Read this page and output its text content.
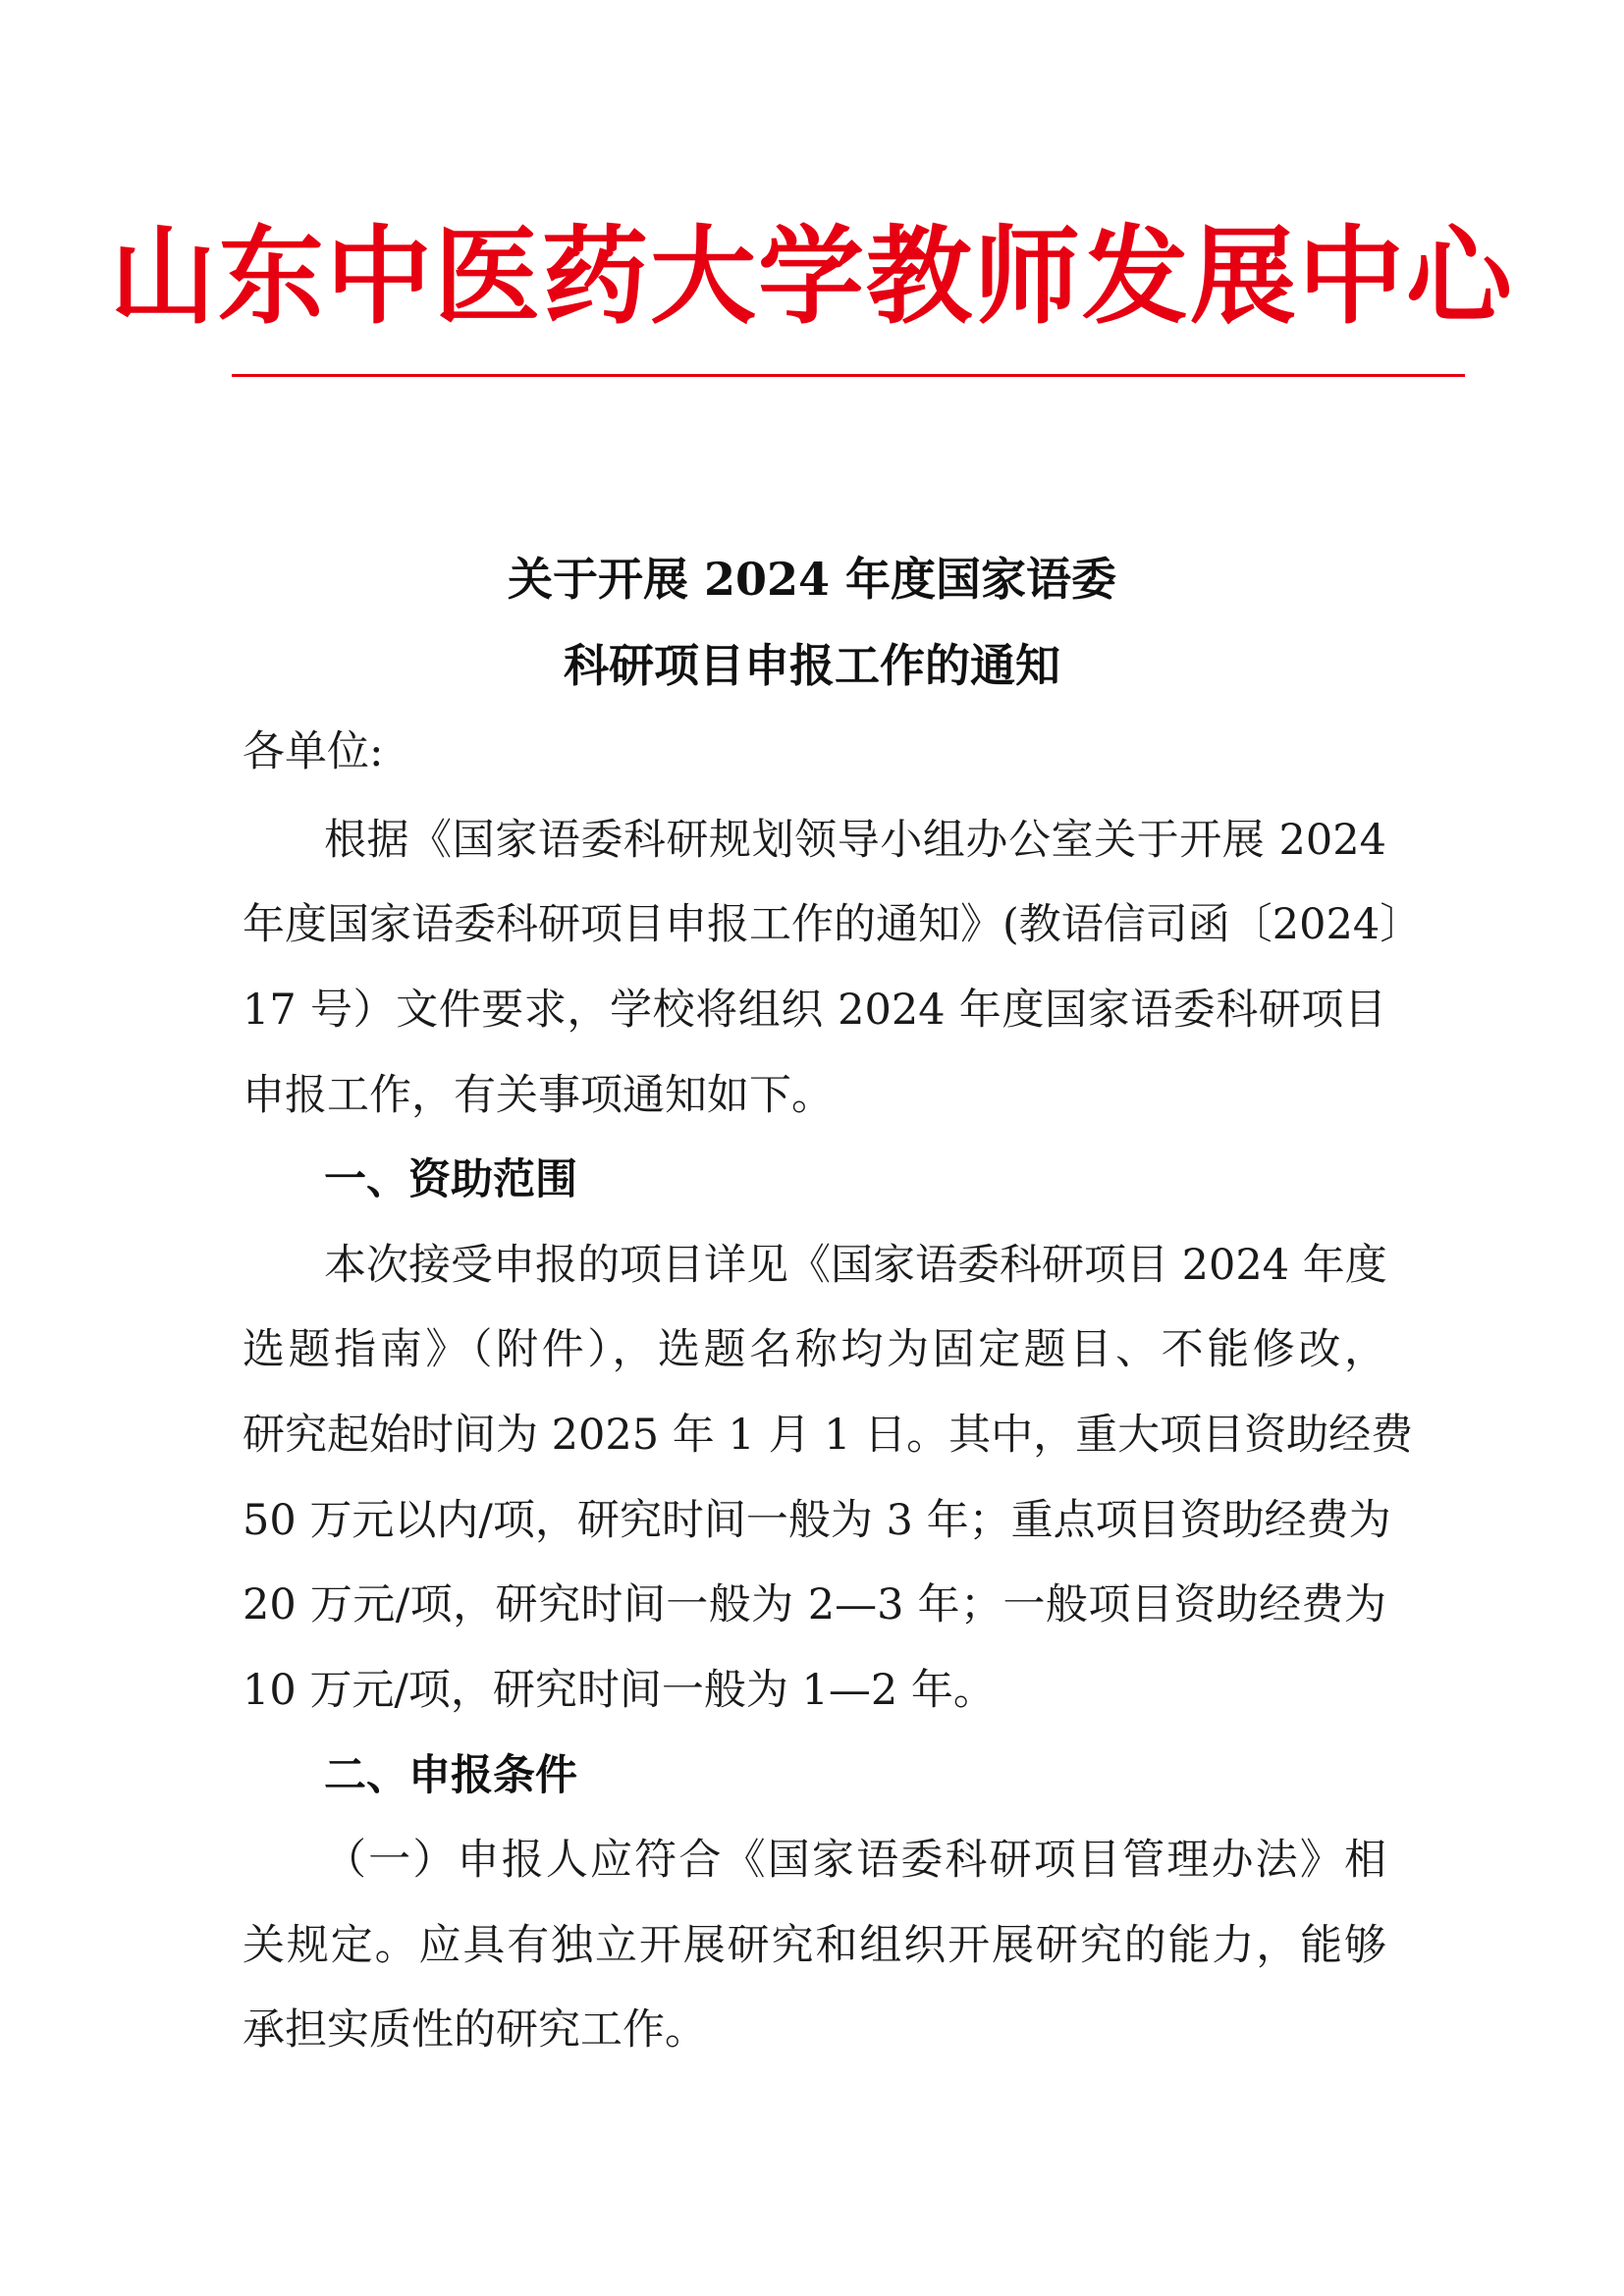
山东中医药大学教师发展中心
关于开展 2024 年度国家语委
科研项目申报工作的通知
各单位:
根据《国家语委科研规划领导小组办公室关于开展 2024
年度国家语委科研项目申报工作的通知》(教语信司函〔2024〕
17 号）文件要求，学校将组织 2024 年度国家语委科研项目
申报工作，有关事项通知如下。
一、资助范围
本次接受申报的项目详见《国家语委科研项目 2024 年度
选题指南》（附件），选题名称均为固定题目、不能修改，
研究起始时间为 2025 年 1 月 1 日。其中，重大项目资助经费
50 万元以内/项，研究时间一般为 3 年；重点项目资助经费为
20 万元/项，研究时间一般为 2—3 年；一般项目资助经费为
10 万元/项，研究时间一般为 1—2 年。
二、申报条件
（一）申报人应符合《国家语委科研项目管理办法》相
关规定。应具有独立开展研究和组织开展研究的能力，能够
承担实质性的研究工作。
